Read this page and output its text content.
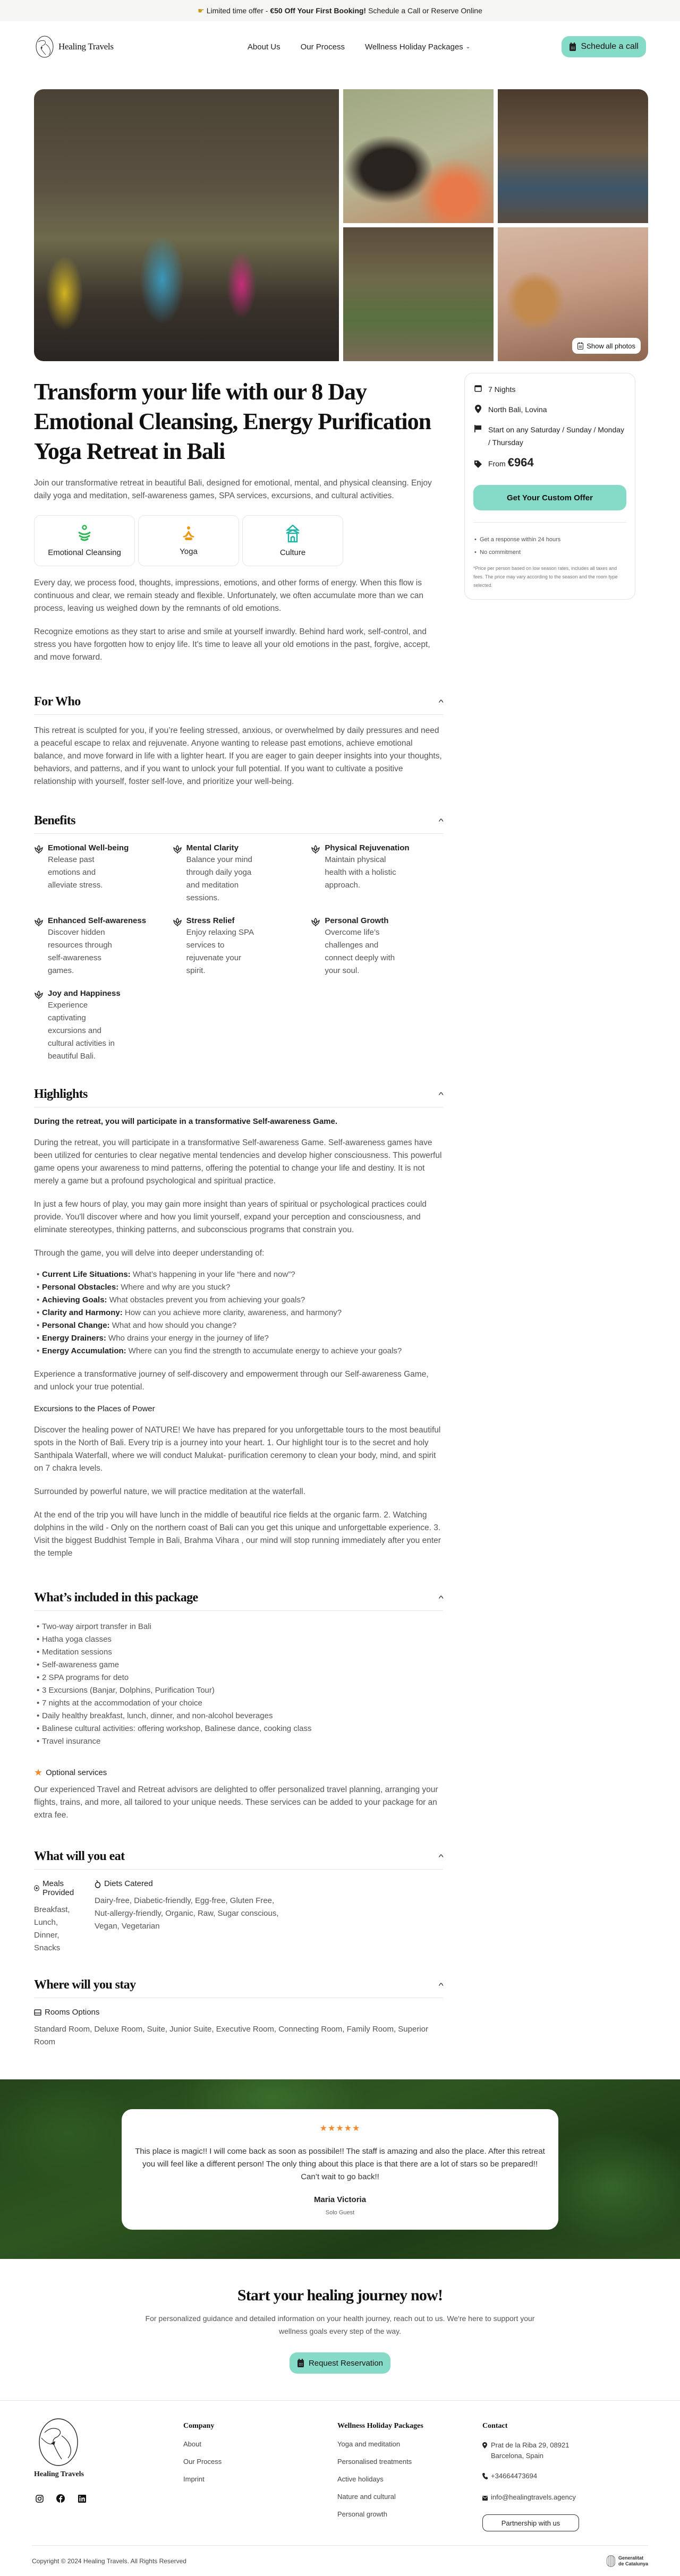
☛ Limited time offer - €50 Off Your First Booking! Schedule a Call or Reserve Online
Healing Travels	About Us	Our Process	Wellness Holiday Packages ⌄	Schedule a call
Show all photos
Transform your life with our 8 Day Emotional Cleansing, Energy Purification Yoga Retreat in Bali

Join our transformative retreat in beautiful Bali, designed for emotional, mental, and physical cleansing. Enjoy daily yoga and meditation, self-awareness games, SPA services, excursions, and cultural activities.

Emotional Cleansing	Yoga	Culture

Every day, we process food, thoughts, impressions, emotions, and other forms of energy. When this flow is continuous and clear, we remain steady and flexible. Unfortunately, we often accumulate more than we can process, leaving us weighed down by the remnants of old emotions.

Recognize emotions as they start to arise and smile at yourself inwardly. Behind hard work, self-control, and stress you have forgotten how to enjoy life. It's time to leave all your old emotions in the past, forgive, accept, and move forward.

For Who	^

This retreat is sculpted for you, if you’re feeling stressed, anxious, or overwhelmed by daily pressures and need a peaceful escape to relax and rejuvenate. Anyone wanting to release past emotions, achieve emotional balance, and move forward in life with a lighter heart. If you are eager to gain deeper insights into your thoughts, behaviors, and patterns, and if you want to unlock your full potential. If you want to cultivate a positive relationship with yourself, foster self-love, and prioritize your well-being.

Benefits	^
Emotional Well-being
Release past emotions and alleviate stress.
Mental Clarity
Balance your mind through daily yoga and meditation sessions.
Physical Rejuvenation
Maintain physical health with a holistic approach.
Enhanced Self-awareness
Discover hidden resources through self-awareness games.
Stress Relief
Enjoy relaxing SPA services to rejuvenate your spirit.
Personal Growth
Overcome life’s challenges and connect deeply with your soul.
Joy and Happiness
Experience captivating excursions and cultural activities in beautiful Bali.
Highlights	^

During the retreat, you will participate in a transformative Self-awareness Game.

During the retreat, you will participate in a transformative Self-awareness Game. Self-awareness games have been utilized for centuries to clear negative mental tendencies and develop higher consciousness. This powerful game opens your awareness to mind patterns, offering the potential to change your life and destiny. It is not merely a game but a profound psychological and spiritual practice.

In just a few hours of play, you may gain more insight than years of spiritual or psychological practices could provide. You'll discover where and how you limit yourself, expand your perception and consciousness, and eliminate stereotypes, thinking patterns, and subconscious programs that constrain you.

Through the game, you will delve into deeper understanding of:

• Current Life Situations: What’s happening in your life “here and now”?
• Personal Obstacles: Where and why are you stuck?
• Achieving Goals: What obstacles prevent you from achieving your goals?
• Clarity and Harmony: How can you achieve more clarity, awareness, and harmony?
• Personal Change: What and how should you change?
• Energy Drainers: Who drains your energy in the journey of life?
• Energy Accumulation: Where can you find the strength to accumulate energy to achieve your goals?

Experience a transformative journey of self-discovery and empowerment through our Self-awareness Game, and unlock your true potential.

Excursions to the Places of Power

Discover the healing power of NATURE! We have has prepared for you unforgettable tours to the most beautiful spots in the North of Bali. Every trip is a journey into your heart. 1. Our highlight tour is to the secret and holy Santhipala Waterfall, where we will conduct Malukat- purification ceremony to clean your body, mind, and spirit on 7 chakra levels.

Surrounded by powerful nature, we will practice meditation at the waterfall.

At the end of the trip you will have lunch in the middle of beautiful rice fields at the organic farm. 2. Watching dolphins in the wild - Only on the northern coast of Bali can you get this unique and unforgettable experience. 3. Visit the biggest Buddhist Temple in Bali, Brahma Vihara , our mind will stop running immediately after you enter the temple

What’s included in this package	^
• Two-way airport transfer in Bali
• Hatha yoga classes
• Meditation sessions
• Self-awareness game
• 2 SPA programs for deto
• 3 Excursions (Banjar, Dolphins, Purification Tour)
• 7 nights at the accommodation of your choice
• Daily healthy breakfast, lunch, dinner, and non-alcohol beverages
• Balinese cultural activities: offering workshop, Balinese dance, cooking class
• Travel insurance
★ Optional services

Our experienced Travel and Retreat advisors are delighted to offer personalized travel planning, arranging your flights, trains, and more, all tailored to your unique needs. These services can be added to your package for an extra fee.

What will you eat	^
Meals Provided
Breakfast, Lunch, Dinner, Snacks
Diets Catered
Dairy-free, Diabetic-friendly, Egg-free, Gluten Free, Nut-allergy-friendly, Organic, Raw, Sugar conscious, Vegan, Vegetarian
Where will you stay	^
Rooms Options
Standard Room, Deluxe Room, Suite, Junior Suite, Executive Room, Connecting Room, Family Room, Superior Room
7 Nights
North Bali, Lovina
Start on any Saturday / Sunday / Monday / Thursday
From €964
Get Your Custom Offer
• Get a response within 24 hours
• No commitment

*Price per person based on low season rates, includes all taxes and fees. The price may vary according to the season and the room type selected.

★★★★★

This place is magic!! I will come back as soon as possibile!! The staff is amazing and also the place. After this retreat you will feel like a different person! The only thing about this place is that there are a lot of stars so be prepared!! Can’t wait to go back!!

Maria Victoria
Solo Guest
Start your healing journey now!

For personalized guidance and detailed information on your health journey, reach out to us. We're here to support your wellness goals every step of the way.

Request Reservation
Healing Travels
Company
About
Our Process
Imprint
Wellness Holiday Packages
Yoga and meditation
Personalised treatments
Active holidays
Nature and cultural
Personal growth
Contact
Prat de la Riba 29, 08921 Barcelona, Spain
+34664473694
info@healingtravels.agency
Partnership with us
Copyright © 2024 Healing Travels. All Rights Reserved	Generalitat
de Catalunya
